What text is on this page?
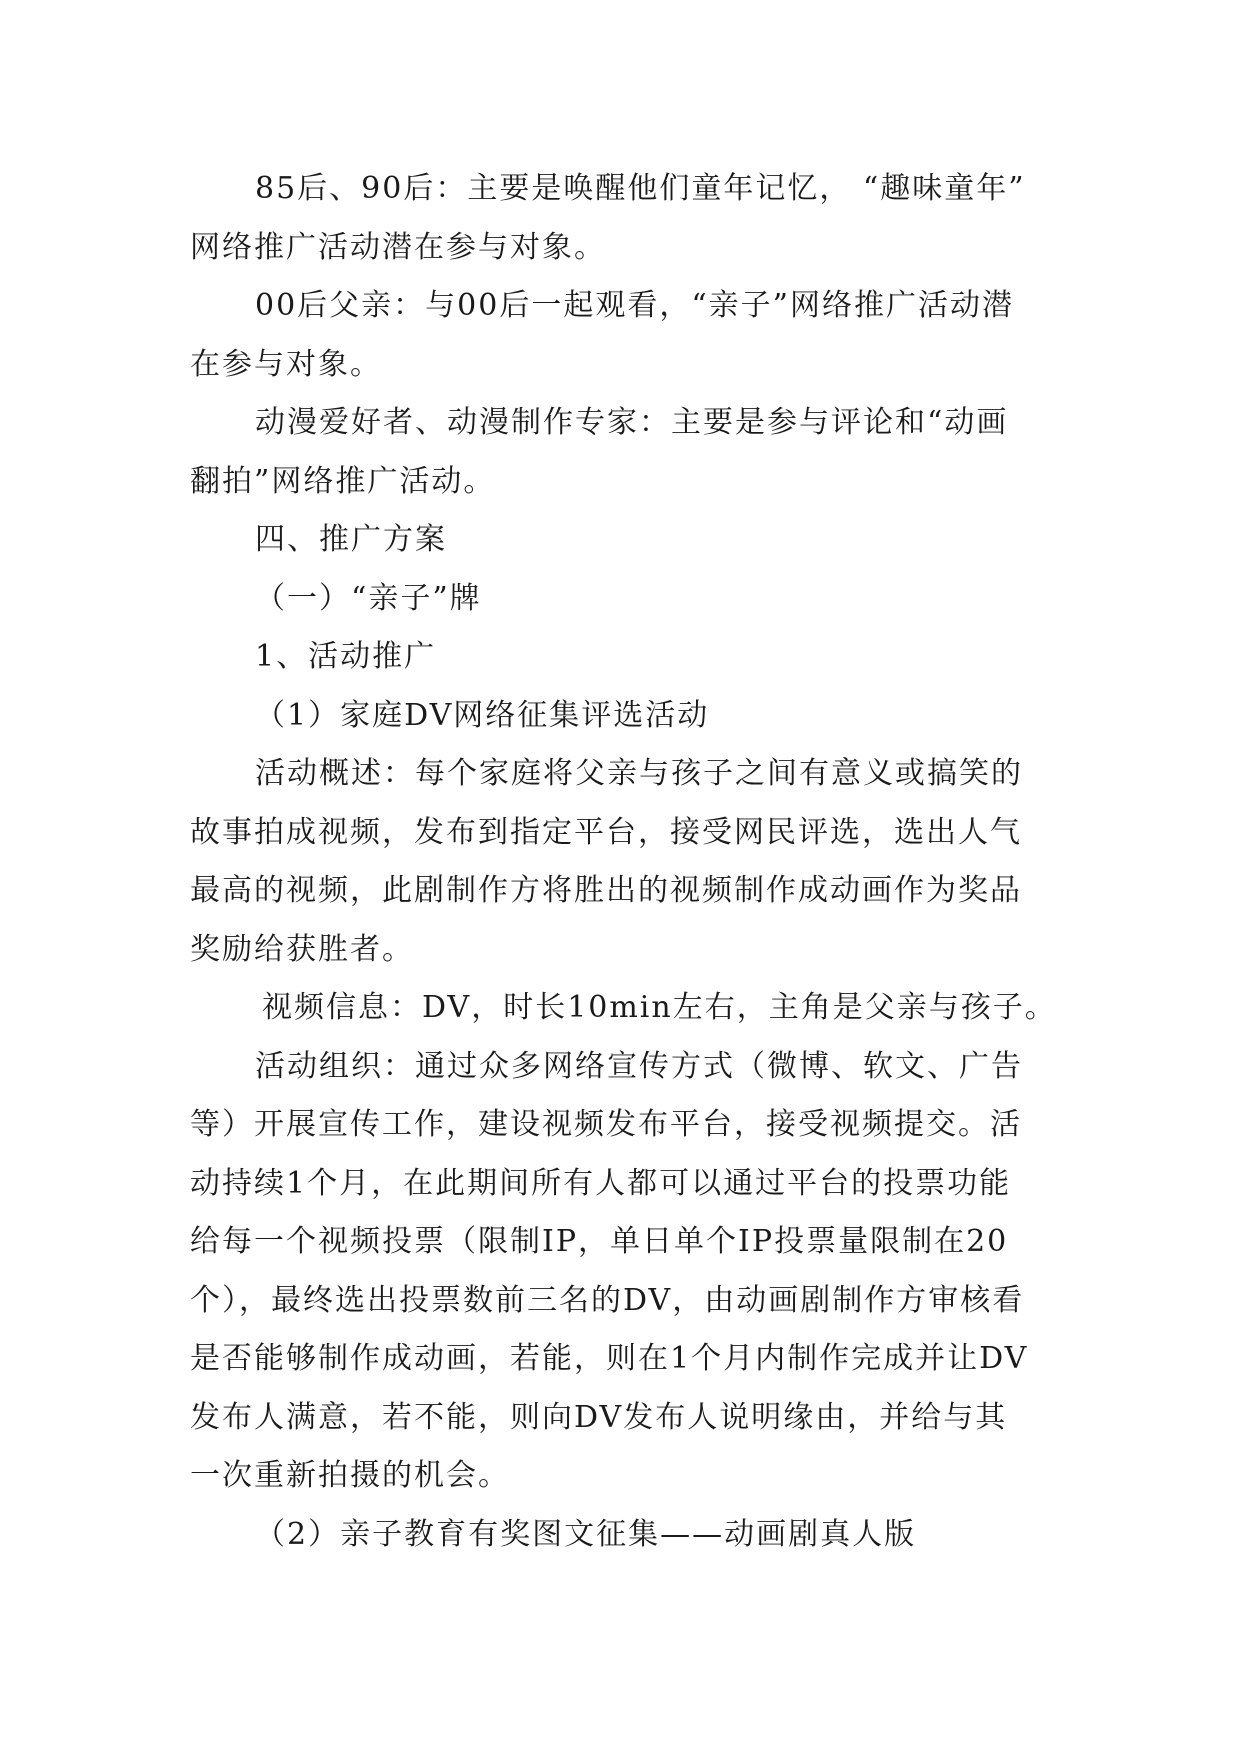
85后、90后：主要是唤醒他们童年记忆， “趣味童年”

网络推广活动潜在参与对象。

00后父亲：与00后一起观看，“亲子”网络推广活动潜

在参与对象。

动漫爱好者、动漫制作专家：主要是参与评论和“动画

翻拍”网络推广活动。

四、推广方案

（一）“亲子”牌

1、活动推广

（1）家庭DV网络征集评选活动

活动概述：每个家庭将父亲与孩子之间有意义或搞笑的

故事拍成视频，发布到指定平台，接受网民评选，选出人气

最高的视频，此剧制作方将胜出的视频制作成动画作为奖品

奖励给获胜者。

视频信息：DV，时长10min左右，主角是父亲与孩子。

活动组织：通过众多网络宣传方式（微博、软文、广告

等）开展宣传工作，建设视频发布平台，接受视频提交。活

动持续1个月，在此期间所有人都可以通过平台的投票功能

给每一个视频投票（限制IP，单日单个IP投票量限制在20

个），最终选出投票数前三名的DV，由动画剧制作方审核看

是否能够制作成动画，若能，则在1个月内制作完成并让DV

发布人满意，若不能，则向DV发布人说明缘由，并给与其

一次重新拍摄的机会。

（2）亲子教育有奖图文征集——动画剧真人版
